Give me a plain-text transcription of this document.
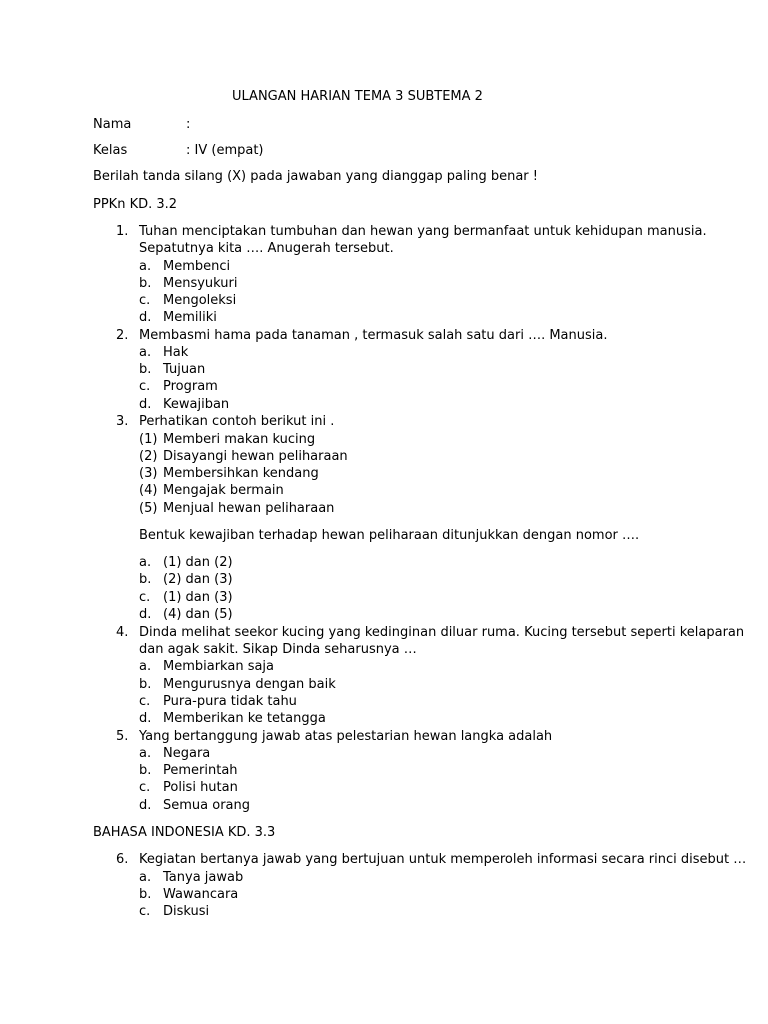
ULANGAN HARIAN TEMA 3 SUBTEMA 2
Nama	:
Kelas	: IV (empat)
Berilah tanda silang (X) pada jawaban yang dianggap paling benar !
PPKn KD. 3.2
1. Tuhan menciptakan tumbuhan dan hewan yang bermanfaat untuk kehidupan manusia.
Sepatutnya kita …. Anugerah tersebut.
a. Membenci
b. Mensyukuri
c. Mengoleksi
d. Memiliki
2. Membasmi hama pada tanaman , termasuk salah satu dari …. Manusia.
a. Hak
b. Tujuan
c. Program
d. Kewajiban
3. Perhatikan contoh berikut ini .
(1) Memberi makan kucing
(2) Disayangi hewan peliharaan
(3) Membersihkan kendang
(4) Mengajak bermain
(5) Menjual hewan peliharaan
Bentuk kewajiban terhadap hewan peliharaan ditunjukkan dengan nomor ….
a. (1) dan (2)
b. (2) dan (3)
c. (1) dan (3)
d. (4) dan (5)
4. Dinda melihat seekor kucing yang kedinginan diluar ruma. Kucing tersebut seperti kelaparan
dan agak sakit. Sikap Dinda seharusnya …
a. Membiarkan saja
b. Mengurusnya dengan baik
c. Pura-pura tidak tahu
d. Memberikan ke tetangga
5. Yang bertanggung jawab atas pelestarian hewan langka adalah
a. Negara
b. Pemerintah
c. Polisi hutan
d. Semua orang
BAHASA INDONESIA KD. 3.3
6. Kegiatan bertanya jawab yang bertujuan untuk memperoleh informasi secara rinci disebut …
a. Tanya jawab
b. Wawancara
c. Diskusi
